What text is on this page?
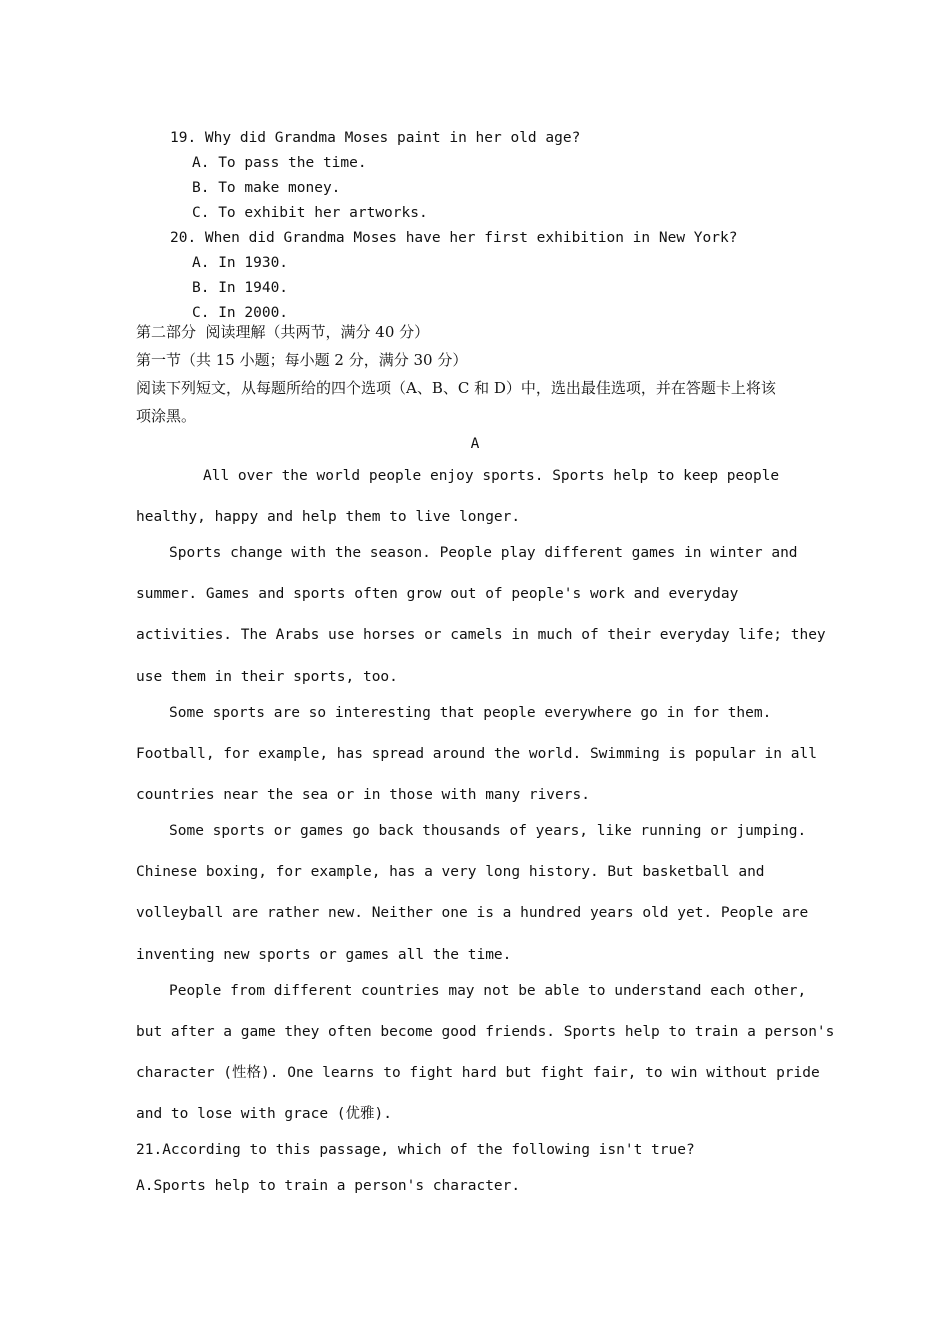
19. Why did Grandma Moses paint in her old age?
A. To pass the time.
B. To make money.
C. To exhibit her artworks.
20. When did Grandma Moses have her first exhibition in New York?
A. In 1930.
B. In 1940.
C. In 2000.
第二部分  阅读理解（共两节，满分 40 分）
第一节（共 15 小题；每小题 2 分，满分 30 分）
阅读下列短文，从每题所给的四个选项（A、B、C 和 D）中，选出最佳选项，并在答题卡上将该
项涂黑。
A
All over the world people enjoy sports. Sports help to keep people
healthy, happy and help them to live longer.
Sports change with the season. People play different games in winter and
summer. Games and sports often grow out of people's work and everyday
activities. The Arabs use horses or camels in much of their everyday life; they
use them in their sports, too.
Some sports are so interesting that people everywhere go in for them.
Football, for example, has spread around the world. Swimming is popular in all
countries near the sea or in those with many rivers.
Some sports or games go back thousands of years, like running or jumping.
Chinese boxing, for example, has a very long history. But basketball and
volleyball are rather new. Neither one is a hundred years old yet. People are
inventing new sports or games all the time.
People from different countries may not be able to understand each other,
but after a game they often become good friends. Sports help to train a person's
character (性格). One learns to fight hard but fight fair, to win without pride
and to lose with grace (优雅).
21.According to this passage, which of the following isn't true?
A.Sports help to train a person's character.
